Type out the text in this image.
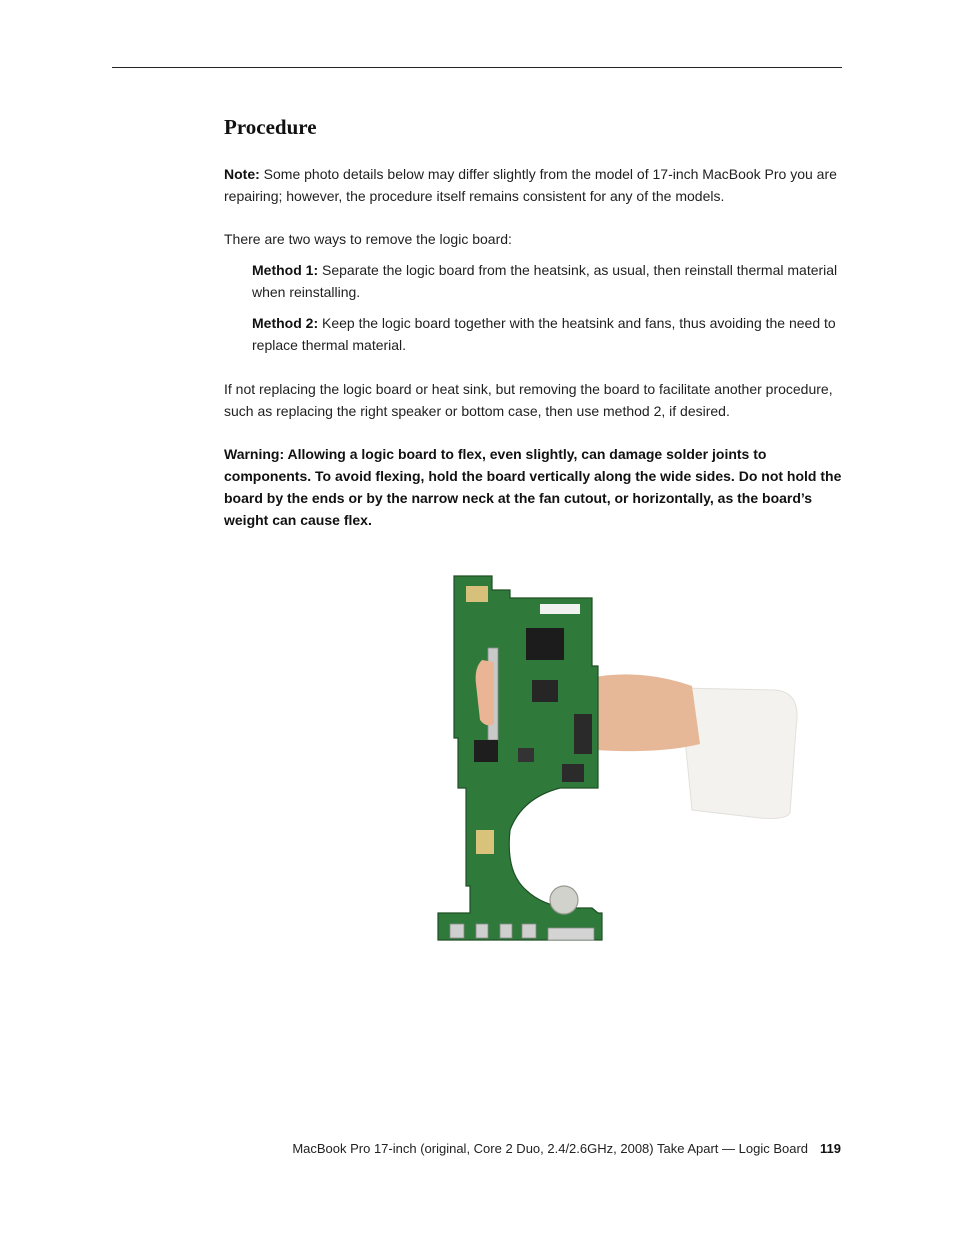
Procedure

Note: Some photo details below may differ slightly from the model of 17-inch MacBook Pro you are repairing; however, the procedure itself remains consistent for any of the models.

There are two ways to remove the logic board:

Method 1: Separate the logic board from the heatsink, as usual, then reinstall thermal material when reinstalling.

Method 2: Keep the logic board together with the heatsink and fans, thus avoiding the need to replace thermal material.

If not replacing the logic board or heat sink, but removing the board to facilitate another procedure, such as replacing the right speaker or bottom case, then use method 2, if desired.

Warning: Allowing a logic board to flex, even slightly, can damage solder joints to components. To avoid flexing, hold the board vertically along the wide sides. Do not hold the board by the ends or by the narrow neck at the fan cutout, or horizontally, as the board’s weight can cause flex.

MacBook Pro 17-inch (original, Core 2 Duo, 2.4/2.6GHz, 2008) Take Apart — Logic Board 119
